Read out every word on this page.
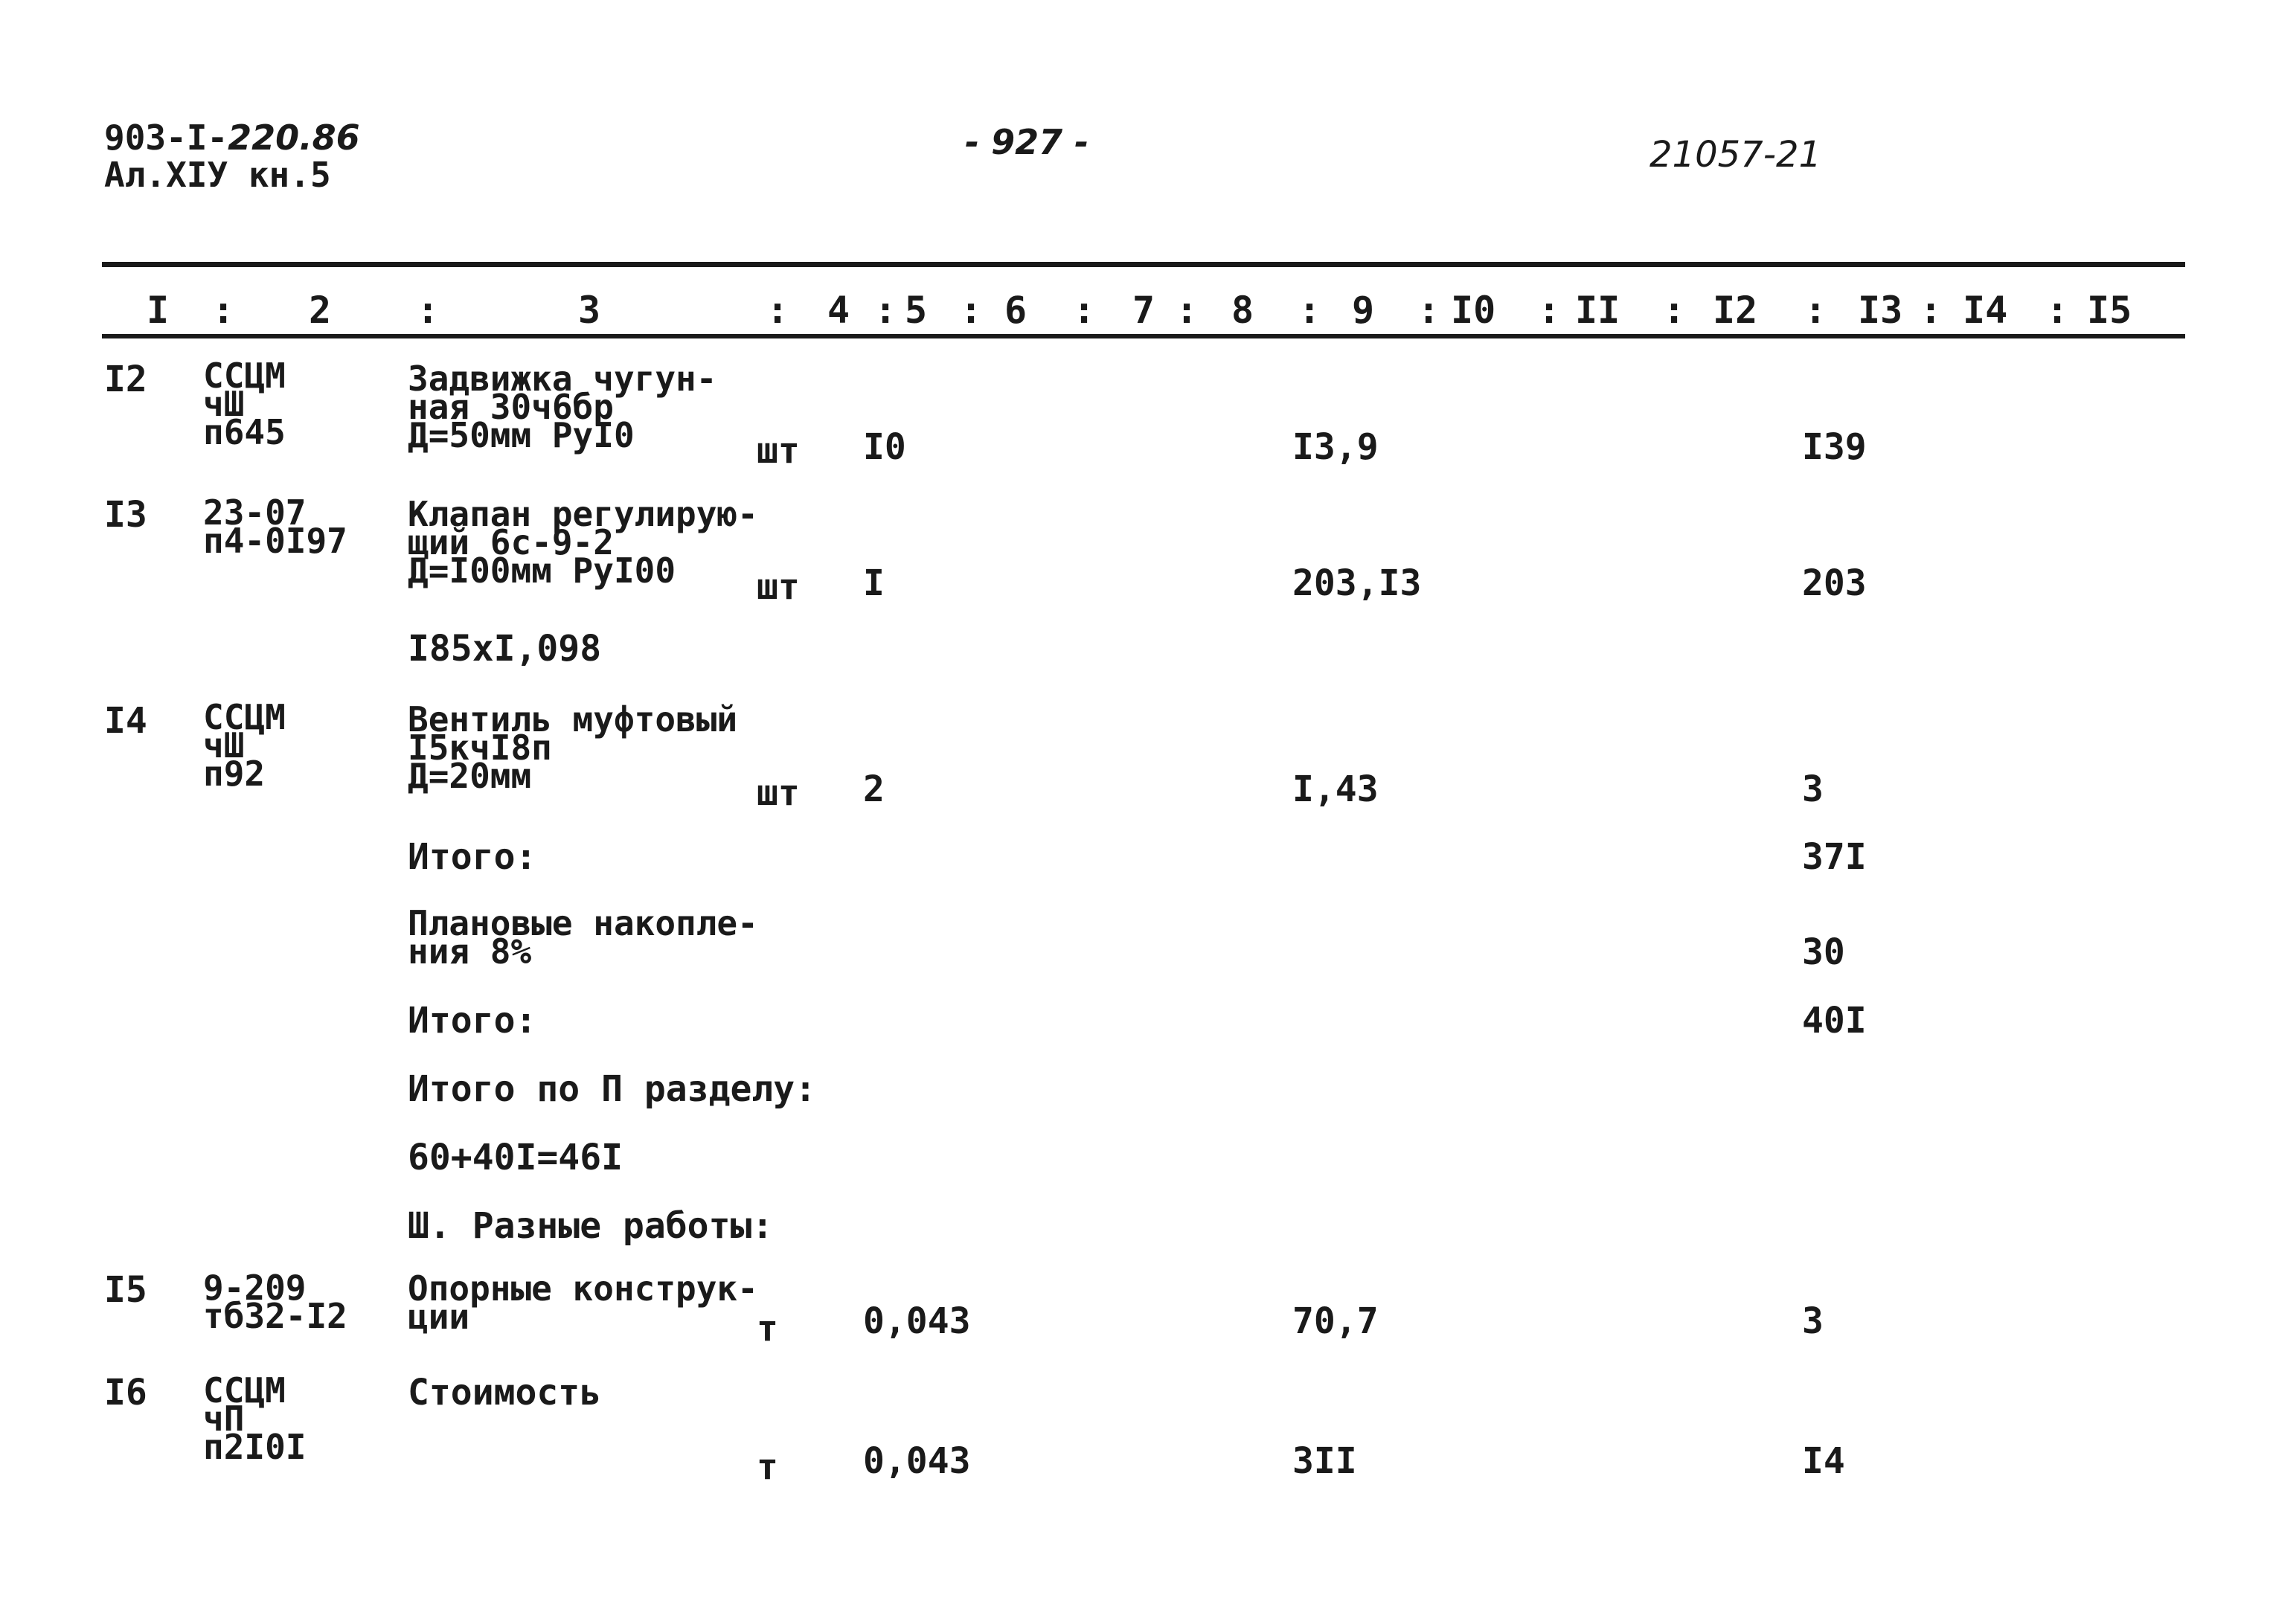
903-I-220.86
Ал.XIУ кн.5
- 927 -	21057-21
I : 2 :	3	: 4 : 5 : 6 : 7 : 8 : 9 : I0 : II : I2 : I3 : I4 : I5
I2 ССЦМ
чШ
п645
Задвижка чугун-
ная 30ч6бр
Д=50мм РуI0	шт I0	I3,9	I39
I3 23-07
п4-0I97
Клапан регулирую-
щий 6с-9-2
Д=I00мм РуI00	шт I	203,I3	203
I85xI,098
I4 ССЦМ
чШ
п92
Вентиль муфтовый
I5кчI8п
Д=20мм	шт 2	I,43	3
Итого:	37I
Плановые накопле-
ния 8%	30
Итого:	40I
Итого по П разделу:
60+40I=46I
Ш. Разные работы:
I5 9-209
тб32-I2
Опорные конструк-
ции	т 0,043	70,7	3
I6 ССЦМ
чП
п2I0I
Стоимость
т 0,043	3II	I4
